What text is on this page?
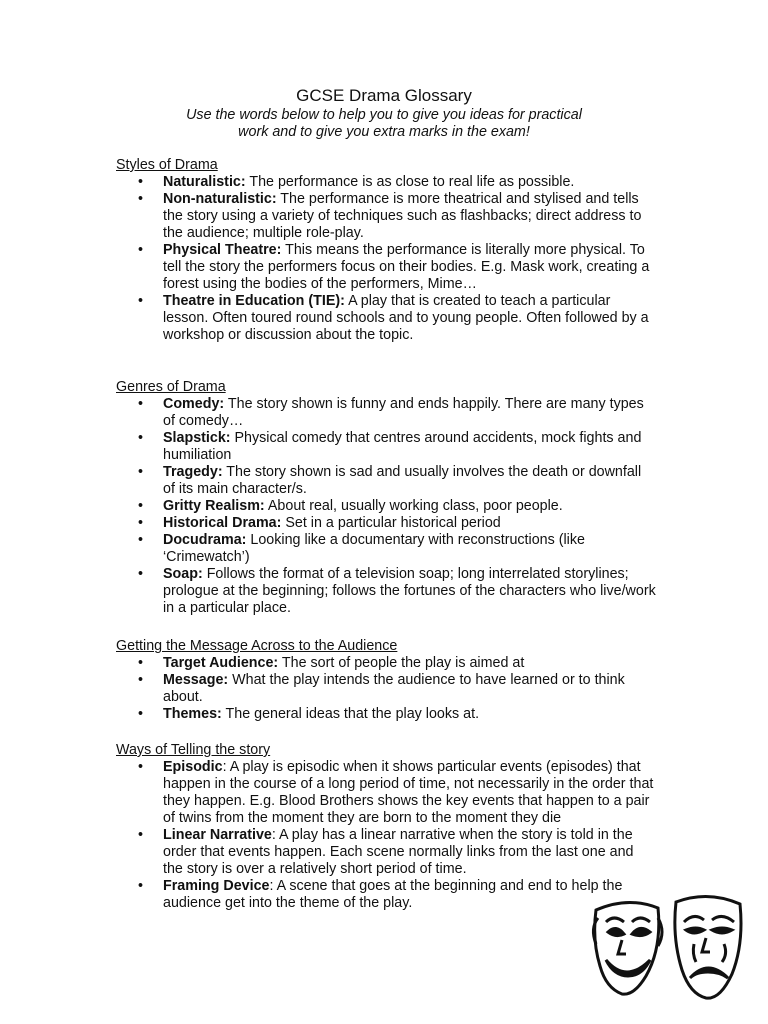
GCSE Drama Glossary
Use the words below to help you to give you ideas for practical
work and to give you extra marks in the exam!
Styles of Drama
• Naturalistic: The performance is as close to real life as possible.
• Non-naturalistic: The performance is more theatrical and stylised and tells the story using a variety of techniques such as flashbacks; direct address to the audience; multiple role-play.
• Physical Theatre: This means the performance is literally more physical. To tell the story the performers focus on their bodies. E.g. Mask work, creating a forest using the bodies of the performers, Mime…
• Theatre in Education (TIE): A play that is created to teach a particular lesson. Often toured round schools and to young people. Often followed by a workshop or discussion about the topic.
Genres of Drama
• Comedy: The story shown is funny and ends happily. There are many types of comedy…
• Slapstick: Physical comedy that centres around accidents, mock fights and humiliation
• Tragedy: The story shown is sad and usually involves the death or downfall of its main character/s.
• Gritty Realism: About real, usually working class, poor people.
• Historical Drama: Set in a particular historical period
• Docudrama: Looking like a documentary with reconstructions (like ‘Crimewatch’)
• Soap: Follows the format of a television soap; long interrelated storylines; prologue at the beginning; follows the fortunes of the characters who live/work in a particular place.
Getting the Message Across to the Audience
• Target Audience: The sort of people the play is aimed at
• Message: What the play intends the audience to have learned or to think about.
• Themes: The general ideas that the play looks at.
Ways of Telling the story
• Episodic: A play is episodic when it shows particular events (episodes) that happen in the course of a long period of time, not necessarily in the order that they happen. E.g. Blood Brothers shows the key events that happen to a pair of twins from the moment they are born to the moment they die
• Linear Narrative: A play has a linear narrative when the story is told in the order that events happen. Each scene normally links from the last one and the story is over a relatively short period of time.
• Framing Device: A scene that goes at the beginning and end to help the audience get into the theme of the play.
